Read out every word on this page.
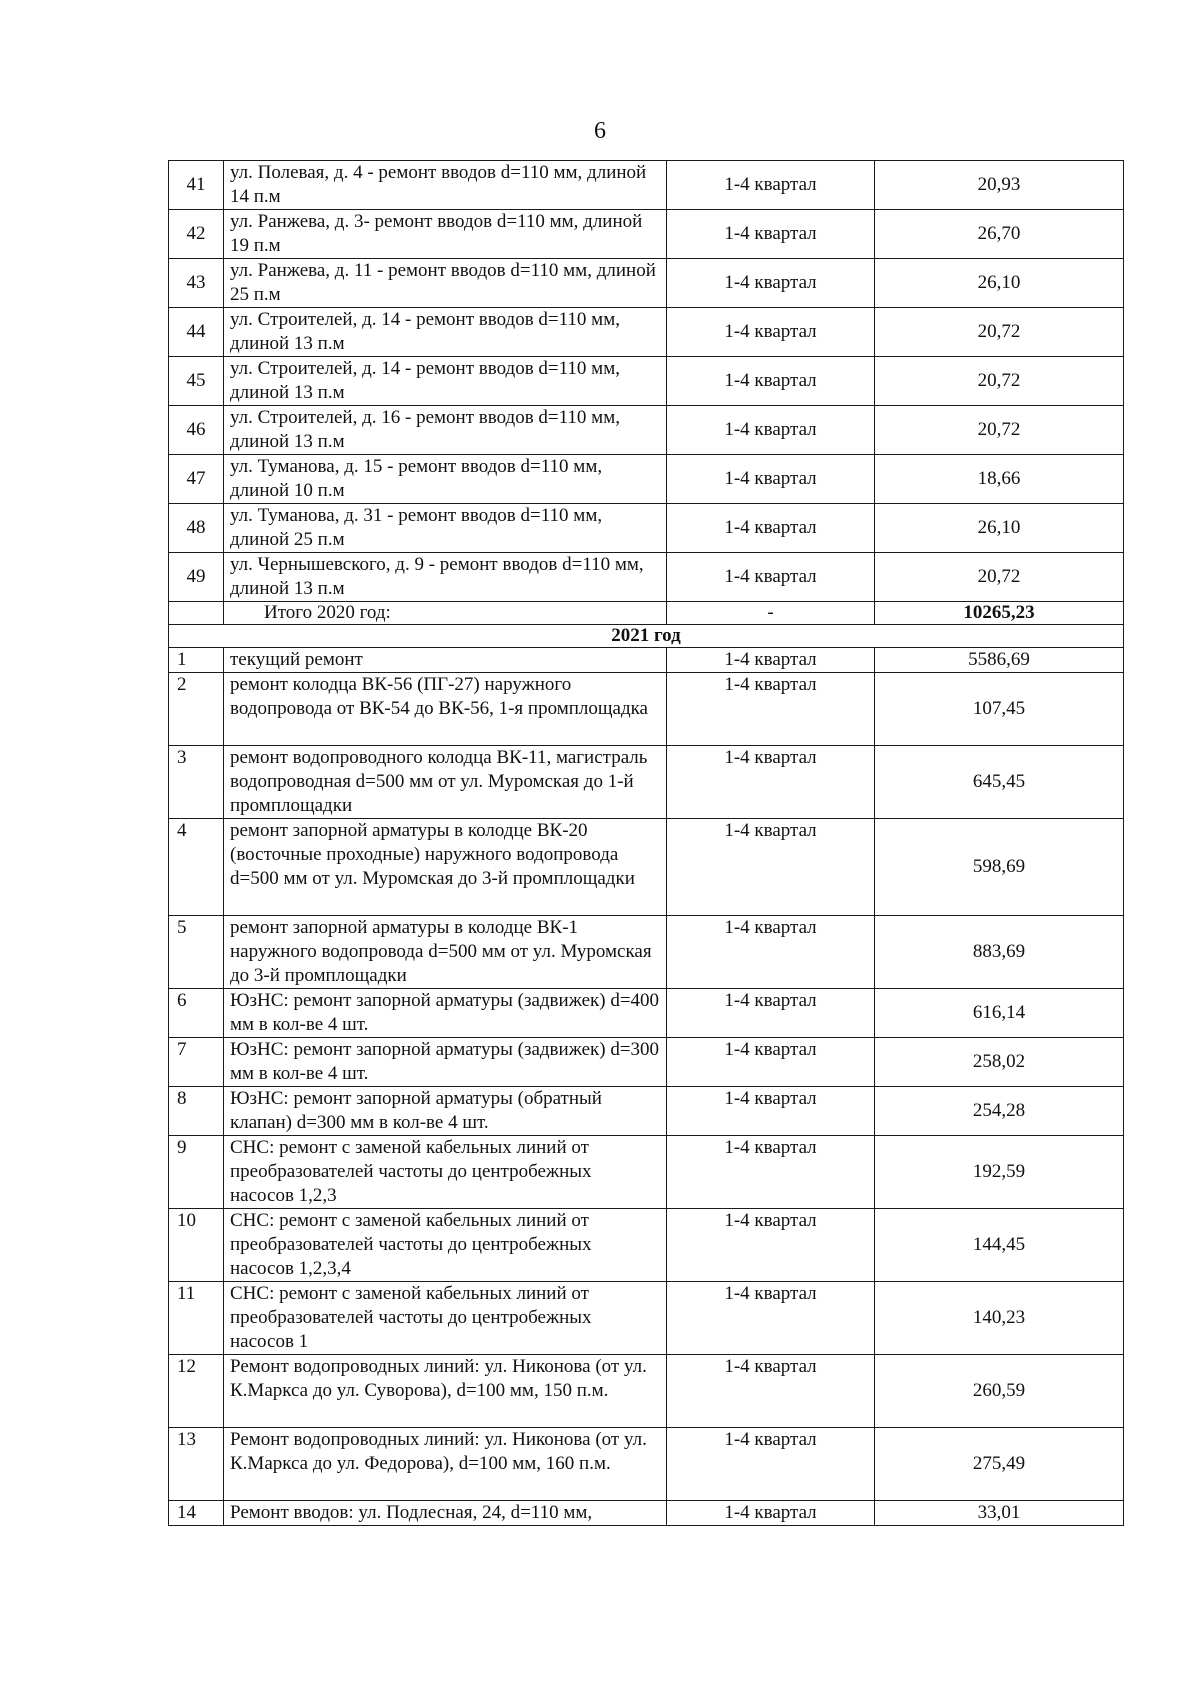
6
41	ул. Полевая, д. 4 - ремонт вводов d=110 мм, длиной 14 п.м	1-4 квартал	20,93
42	ул. Ранжева, д. 3- ремонт вводов d=110 мм, длиной 19 п.м	1-4 квартал	26,70
43	ул. Ранжева, д. 11 - ремонт вводов d=110 мм, длиной 25 п.м	1-4 квартал	26,10
44	ул. Строителей, д. 14 - ремонт вводов d=110 мм, длиной 13 п.м	1-4 квартал	20,72
45	ул. Строителей, д. 14 - ремонт вводов d=110 мм, длиной 13 п.м	1-4 квартал	20,72
46	ул. Строителей, д. 16 - ремонт вводов d=110 мм, длиной 13 п.м	1-4 квартал	20,72
47	ул. Туманова, д. 15 - ремонт вводов d=110 мм, длиной 10 п.м	1-4 квартал	18,66
48	ул. Туманова, д. 31 - ремонт вводов d=110 мм, длиной 25 п.м	1-4 квартал	26,10
49	ул. Чернышевского, д. 9 - ремонт вводов d=110 мм, длиной 13 п.м	1-4 квартал	20,72
	Итого 2020 год:	-	10265,23
2021 год			
1	текущий ремонт	1-4 квартал	5586,69
2	ремонт колодца ВК-56 (ПГ-27) наружного водопровода от ВК-54 до ВК-56, 1-я промплощадка	1-4 квартал	107,45
3	ремонт водопроводного колодца ВК-11, магистраль водопроводная d=500 мм от ул. Муромская до 1-й промплощадки	1-4 квартал	645,45
4	ремонт запорной арматуры в колодце ВК-20 (восточные проходные) наружного водопровода d=500 мм от ул. Муромская до 3-й промплощадки	1-4 квартал	598,69
5	ремонт запорной арматуры в колодце ВК-1 наружного водопровода d=500 мм от ул. Муромская до 3-й промплощадки	1-4 квартал	883,69
6	ЮзНС: ремонт запорной арматуры (задвижек) d=400 мм в кол-ве 4 шт.	1-4 квартал	616,14
7	ЮзНС: ремонт запорной арматуры (задвижек) d=300 мм в кол-ве 4 шт.	1-4 квартал	258,02
8	ЮзНС: ремонт запорной арматуры (обратный клапан) d=300 мм в кол-ве 4 шт.	1-4 квартал	254,28
9	СНС: ремонт с заменой кабельных линий от преобразователей частоты до центробежных насосов 1,2,3	1-4 квартал	192,59
10	СНС: ремонт с заменой кабельных линий от преобразователей частоты до центробежных насосов 1,2,3,4	1-4 квартал	144,45
11	СНС: ремонт с заменой кабельных линий от преобразователей частоты до центробежных насосов 1	1-4 квартал	140,23
12	Ремонт водопроводных линий: ул. Никонова (от ул. К.Маркса до ул. Суворова), d=100 мм, 150 п.м.	1-4 квартал	260,59
13	Ремонт водопроводных линий: ул. Никонова (от ул. К.Маркса до ул. Федорова), d=100 мм, 160 п.м.	1-4 квартал	275,49
14	Ремонт вводов: ул. Подлесная, 24, d=110 мм,	1-4 квартал	33,01
